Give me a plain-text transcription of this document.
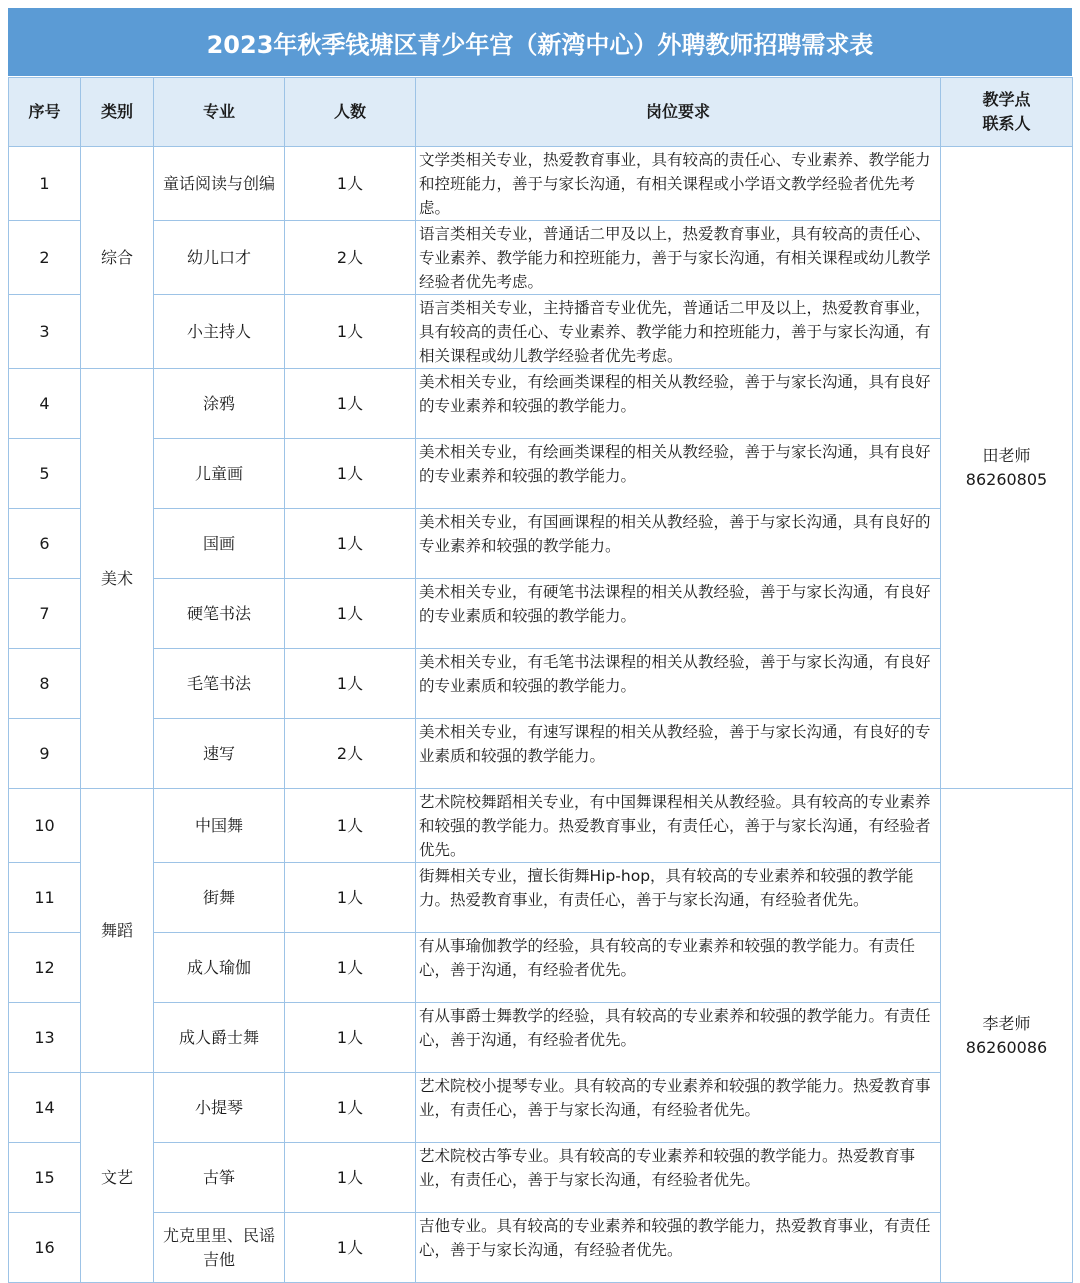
2023年秋季钱塘区青少年宫（新湾中心）外聘教师招聘需求表
序号	类别	专业	人数	岗位要求	教学点
联系人

1	综合	童话阅读与创编	1人	文学类相关专业，热爱教育事业，具有较高的责任心、专业素养、教学能力和控班能力，善于与家长沟通，有相关课程或小学语文教学经验者优先考虑。	田老师
86260805

2		幼儿口才	2人	语言类相关专业，普通话二甲及以上，热爱教育事业，具有较高的责任心、专业素养、教学能力和控班能力，善于与家长沟通，有相关课程或幼儿教学经验者优先考虑。	
3		小主持人	1人	语言类相关专业，主持播音专业优先，普通话二甲及以上，热爱教育事业，具有较高的责任心、专业素养、教学能力和控班能力，善于与家长沟通，有相关课程或幼儿教学经验者优先考虑。	
4	美术	涂鸦	1人	美术相关专业，有绘画类课程的相关从教经验，善于与家长沟通，具有良好的专业素养和较强的教学能力。	
5		儿童画	1人	美术相关专业，有绘画类课程的相关从教经验，善于与家长沟通，具有良好的专业素养和较强的教学能力。	
6		国画	1人	美术相关专业，有国画课程的相关从教经验，善于与家长沟通，具有良好的专业素养和较强的教学能力。	
7		硬笔书法	1人	美术相关专业，有硬笔书法课程的相关从教经验，善于与家长沟通，有良好的专业素质和较强的教学能力。	
8		毛笔书法	1人	美术相关专业，有毛笔书法课程的相关从教经验，善于与家长沟通，有良好的专业素质和较强的教学能力。	
9		速写	2人	美术相关专业，有速写课程的相关从教经验，善于与家长沟通，有良好的专业素质和较强的教学能力。	
10	舞蹈	中国舞	1人	艺术院校舞蹈相关专业，有中国舞课程相关从教经验。具有较高的专业素养和较强的教学能力。热爱教育事业，有责任心，善于与家长沟通，有经验者优先。	李老师
86260086

11		街舞	1人	街舞相关专业，擅长街舞Hip-hop，具有较高的专业素养和较强的教学能力。热爱教育事业，有责任心，善于与家长沟通，有经验者优先。	
12		成人瑜伽	1人	有从事瑜伽教学的经验，具有较高的专业素养和较强的教学能力。有责任心，善于沟通，有经验者优先。	
13		成人爵士舞	1人	有从事爵士舞教学的经验，具有较高的专业素养和较强的教学能力。有责任心，善于沟通，有经验者优先。	
14	文艺	小提琴	1人	艺术院校小提琴专业。具有较高的专业素养和较强的教学能力。热爱教育事业，有责任心，善于与家长沟通，有经验者优先。	
15		古筝	1人	艺术院校古筝专业。具有较高的专业素养和较强的教学能力。热爱教育事业，有责任心，善于与家长沟通，有经验者优先。	
16		尤克里里、民谣
吉他	1人	吉他专业。具有较高的专业素养和较强的教学能力，热爱教育事业，有责任心，善于与家长沟通，有经验者优先。	
